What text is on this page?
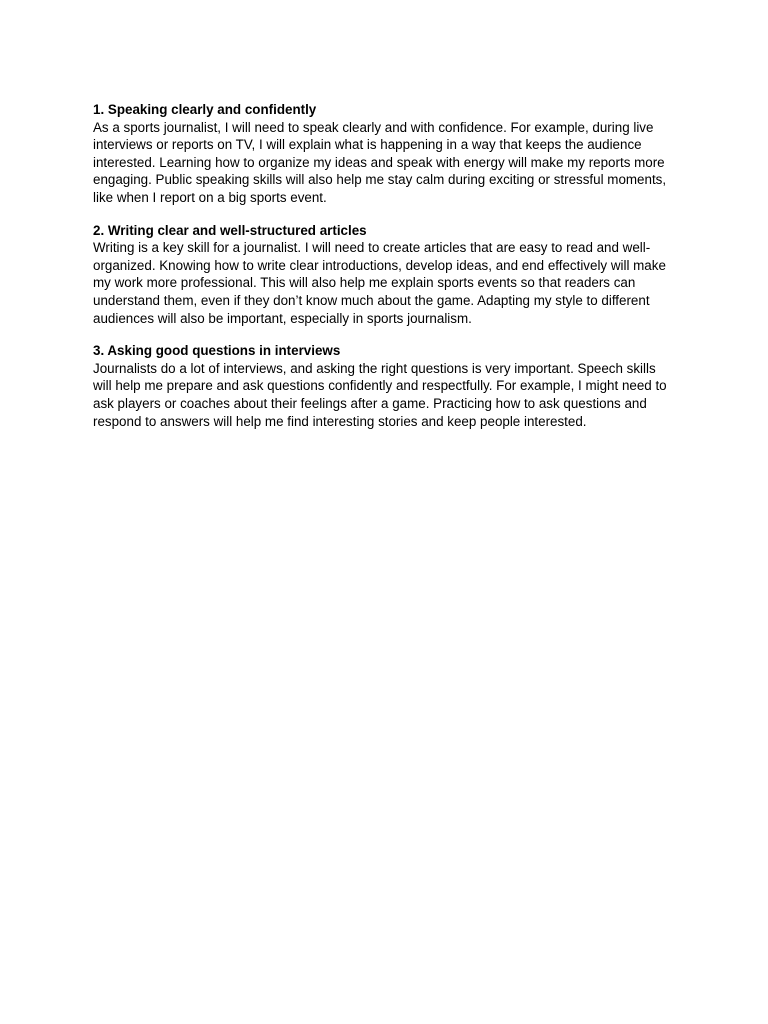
1. Speaking clearly and confidently

As a sports journalist, I will need to speak clearly and with confidence. For example, during live interviews or reports on TV, I will explain what is happening in a way that keeps the audience interested. Learning how to organize my ideas and speak with energy will make my reports more engaging. Public speaking skills will also help me stay calm during exciting or stressful moments, like when I report on a big sports event.

2. Writing clear and well-structured articles

Writing is a key skill for a journalist. I will need to create articles that are easy to read and well-organized. Knowing how to write clear introductions, develop ideas, and end effectively will make my work more professional. This will also help me explain sports events so that readers can understand them, even if they don’t know much about the game. Adapting my style to different audiences will also be important, especially in sports journalism.

3. Asking good questions in interviews

Journalists do a lot of interviews, and asking the right questions is very important. Speech skills will help me prepare and ask questions confidently and respectfully. For example, I might need to ask players or coaches about their feelings after a game. Practicing how to ask questions and respond to answers will help me find interesting stories and keep people interested.
